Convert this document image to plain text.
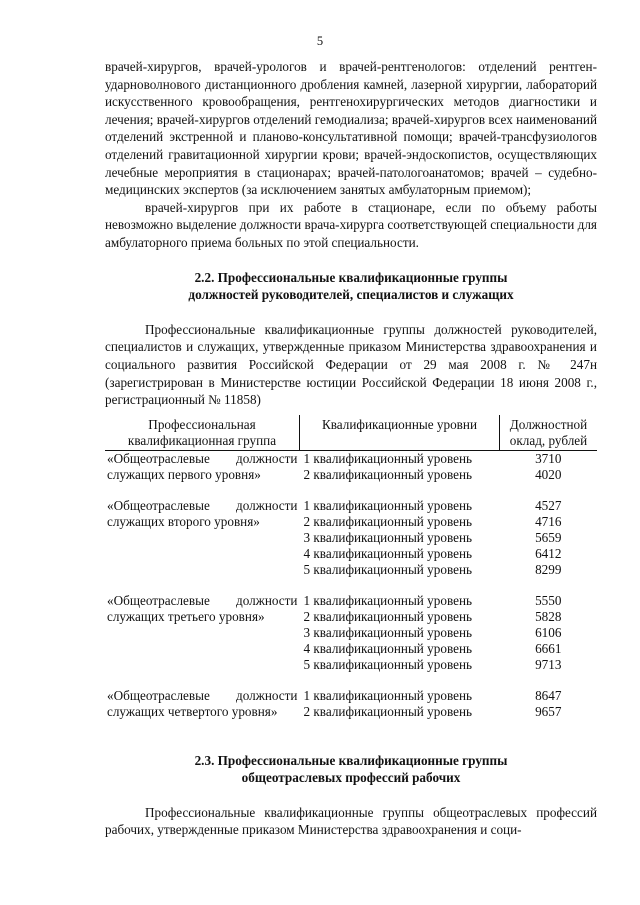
5

врачей-хирургов, врачей-урологов и врачей-рентгенологов: отделений рентген-ударноволнового дистанционного дробления камней, лазерной хирургии, лабораторий искусственного кровообращения, рентгенохирургических методов диагностики и лечения; врачей-хирургов отделений гемодиализа; врачей-хирургов всех наименований отделений экстренной и планово-консультативной помощи; врачей-трансфузиологов отделений гравитационной хирургии крови; врачей-эндоскопистов, осуществляющих лечебные мероприятия в стационарах; врачей-патологоанатомов; врачей – судебно-медицинских экспертов (за исключением занятых амбулаторным приемом);

врачей-хирургов при их работе в стационаре, если по объему работы невозможно выделение должности врача-хирурга соответствующей специальности для амбулаторного приема больных по этой специальности.

2.2. Профессиональные квалификационные группы
должностей руководителей, специалистов и служащих

Профессиональные квалификационные группы должностей руководителей, специалистов и служащих, утвержденные приказом Министерства здравоохранения и социального развития Российской Федерации от 29 мая 2008 г. № 247н (зарегистрирован в Министерстве юстиции Российской Федерации 18 июня 2008 г., регистрационный № 11858)

Профессиональная квалификационная группа	Квалификационные уровни	Должностной оклад, рублей
«Общеотраслевые должности служащих первого уровня»	1 квалификационный уровень	3710
	2 квалификационный уровень	4020

«Общеотраслевые должности служащих второго уровня»	1 квалификационный уровень	4527
	2 квалификационный уровень	4716
	3 квалификационный уровень	5659
	4 квалификационный уровень	6412
	5 квалификационный уровень	8299

«Общеотраслевые должности служащих третьего уровня»	1 квалификационный уровень	5550
	2 квалификационный уровень	5828
	3 квалификационный уровень	6106
	4 квалификационный уровень	6661
	5 квалификационный уровень	9713

«Общеотраслевые должности служащих четвертого уровня»	1 квалификационный уровень	8647
	2 квалификационный уровень	9657
2.3. Профессиональные квалификационные группы
общеотраслевых профессий рабочих

Профессиональные квалификационные группы общеотраслевых профессий рабочих, утвержденные приказом Министерства здравоохранения и соци-
